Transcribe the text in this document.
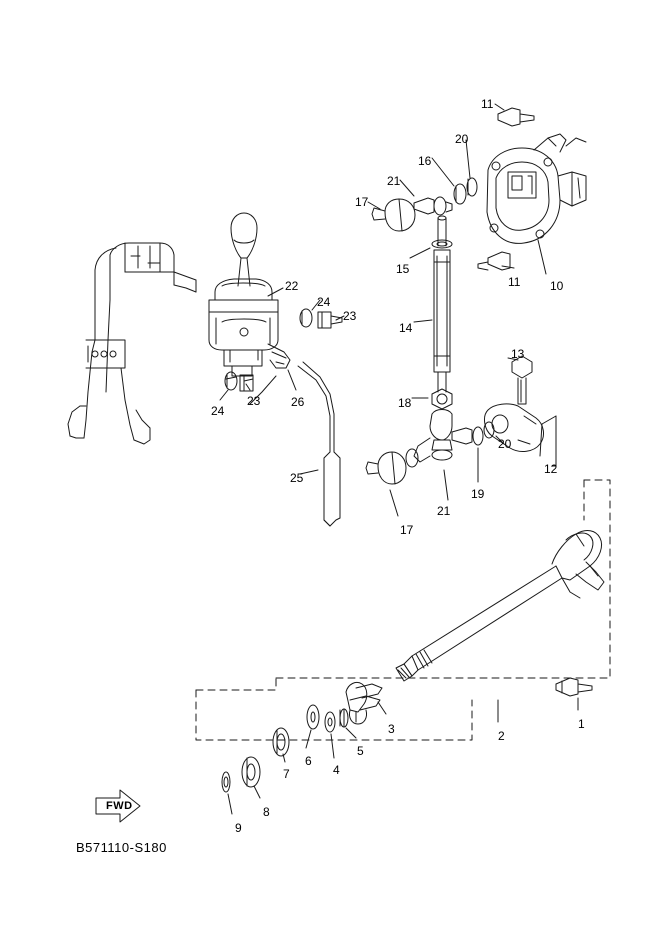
11
20
16
21
17
15
10
11
22
24
23
14
13
18
24
23	26
20
12
19
21
25
17
3
5
4
6
7
8
9
2
1
FWD
B571110-S180
